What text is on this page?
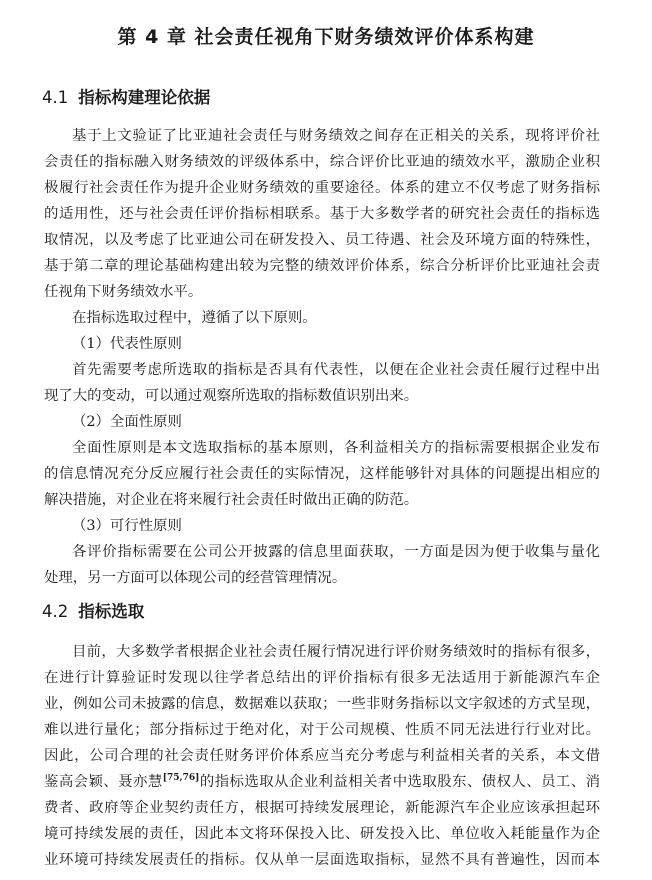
第 4 章 社会责任视角下财务绩效评价体系构建
4.1 指标构建理论依据

基于上文验证了比亚迪社会责任与财务绩效之间存在正相关的关系，现将评价社

会责任的指标融入财务绩效的评级体系中，综合评价比亚迪的绩效水平，激励企业积

极履行社会责任作为提升企业财务绩效的重要途径。体系的建立不仅考虑了财务指标

的适用性，还与社会责任评价指标相联系。基于大多数学者的研究社会责任的指标选

取情况，以及考虑了比亚迪公司在研发投入、员工待遇、社会及环境方面的特殊性，

基于第二章的理论基础构建出较为完整的绩效评价体系，综合分析评价比亚迪社会责

任视角下财务绩效水平。

在指标选取过程中，遵循了以下原则。

（1）代表性原则

首先需要考虑所选取的指标是否具有代表性，以便在企业社会责任履行过程中出

现了大的变动，可以通过观察所选取的指标数值识别出来。

（2）全面性原则

全面性原则是本文选取指标的基本原则，各利益相关方的指标需要根据企业发布

的信息情况充分反应履行社会责任的实际情况，这样能够针对具体的问题提出相应的

解决措施，对企业在将来履行社会责任时做出正确的防范。

（3）可行性原则

各评价指标需要在公司公开披露的信息里面获取，一方面是因为便于收集与量化

处理，另一方面可以体现公司的经营管理情况。

4.2 指标选取

目前，大多数学者根据企业社会责任履行情况进行评价财务绩效时的指标有很多，

在进行计算验证时发现以往学者总结出的评价指标有很多无法适用于新能源汽车企

业，例如公司未披露的信息，数据难以获取；一些非财务指标以文字叙述的方式呈现，

难以进行量化；部分指标过于绝对化，对于公司规模、性质不同无法进行行业对比。

因此，公司合理的社会责任财务评价体系应当充分考虑与利益相关者的关系，本文借

鉴高会颖、聂亦慧[75,76]的指标选取从企业利益相关者中选取股东、债权人、员工、消

费者、政府等企业契约责任方，根据可持续发展理论，新能源汽车企业应该承担起环

境可持续发展的责任，因此本文将环保投入比、研发投入比、单位收入耗能量作为企

业环境可持续发展责任的指标。仅从单一层面选取指标，显然不具有普遍性，因而本
